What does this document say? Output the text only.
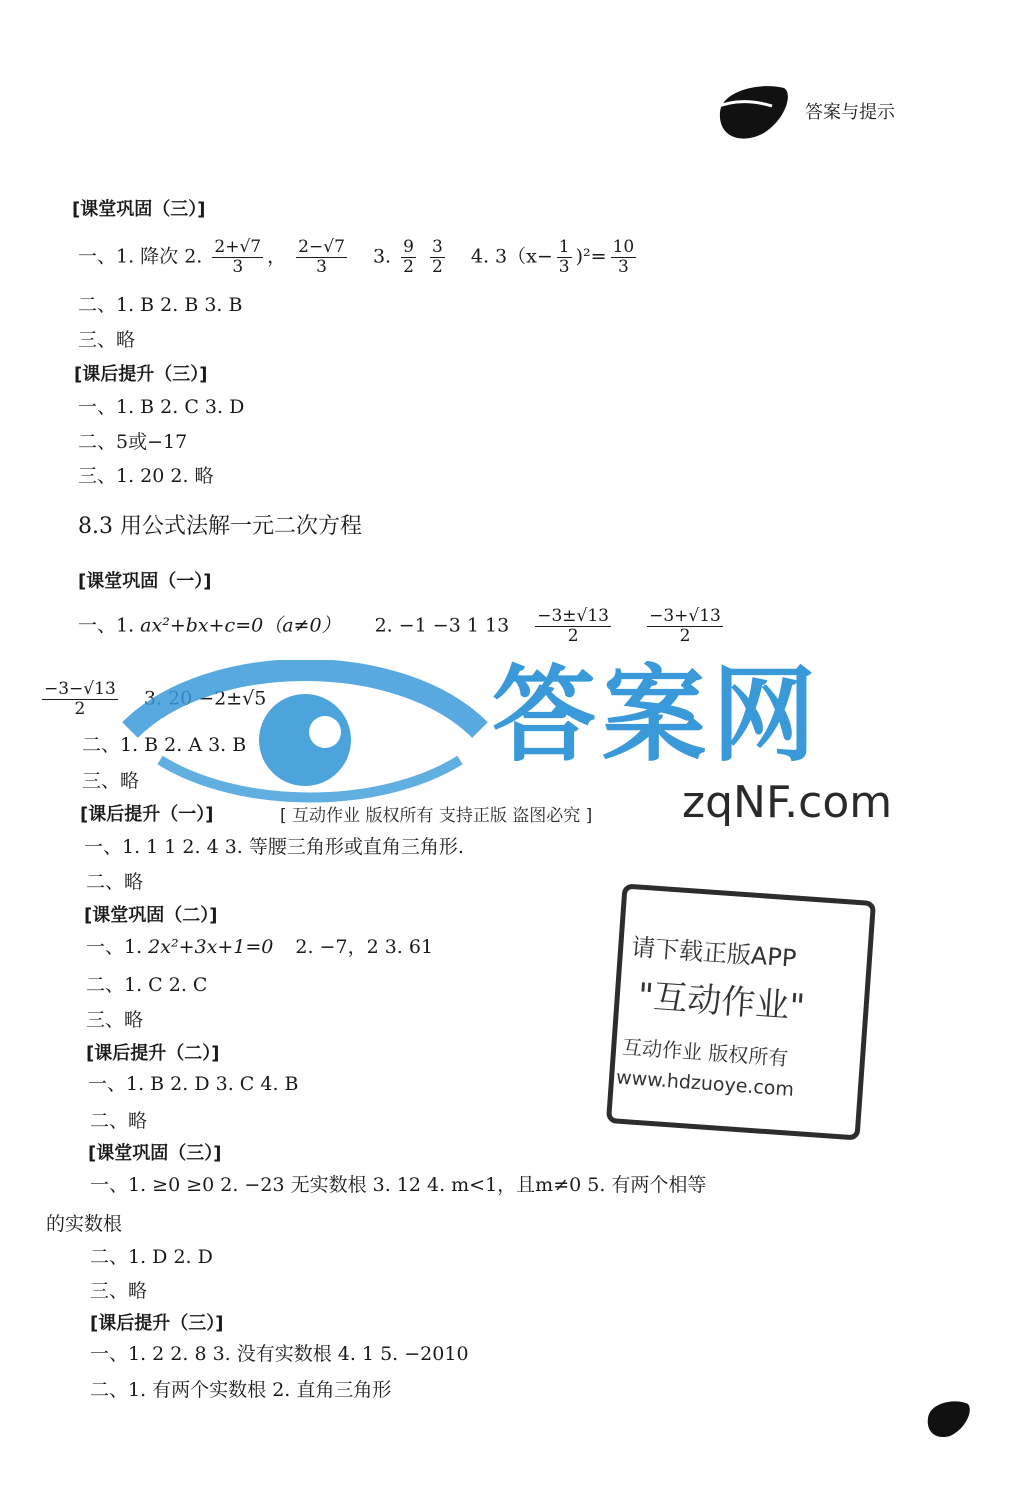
答案与提示
[课堂巩固（三）]
一、1. 降次 2. $\frac{2+√7}{3}$ ， $\frac{2-√7}{3} 3$. $\frac{9}{2}$
$\frac{3}{2} 4$. $3(x- \frac{1}{3} )^2= \frac{10}{3}$
二、1. B 2. B 3. B
三、略
[课后提升（三）]
一、1. B 2. C 3. D
二、5或−17
三、1. 20 2. 略
8.3 用公式法解一元二次方程
[课堂巩固（一）]
一、1. ax²+bx+c=0（a≠0） 2. −1 −3 1 $13 \frac{-3\pm√13}{2}$
$\frac{-3+√13}{2}$
$\frac{-3-√13}{2} 3$. 20 −2±√5
二、1. B 2. A 3. B
三、略
[课后提升（一）]
一、1. 1 1 2. 4 3. 等腰三角形或直角三角形.
二、略
[课堂巩固（二）]
一、1. 2x²+3x+1=0 2. −7，2 3. 61
二、1. C 2. C
三、略
[课后提升（二）]
一、1. B 2. D 3. C 4. B
二、略
[课堂巩固（三）]
一、1. ≥0 ≥0 2. −23 无实数根 3. 12 4. m<1，且m≠0 5. 有两个相等
的实数根
二、1. D 2. D
三、略
[课后提升（三）]
一、1. 2 2. 8 3. 没有实数根 4. 1 5. −2010
二、1. 有两个实数根 2. 直角三角形
答案网
zqNF.com
[ 互动作业 版权所有 支持正版 盗图必究 ]
请下载正版APP
"互动作业"
互动作业 版权所有
www.hdzuoye.com
